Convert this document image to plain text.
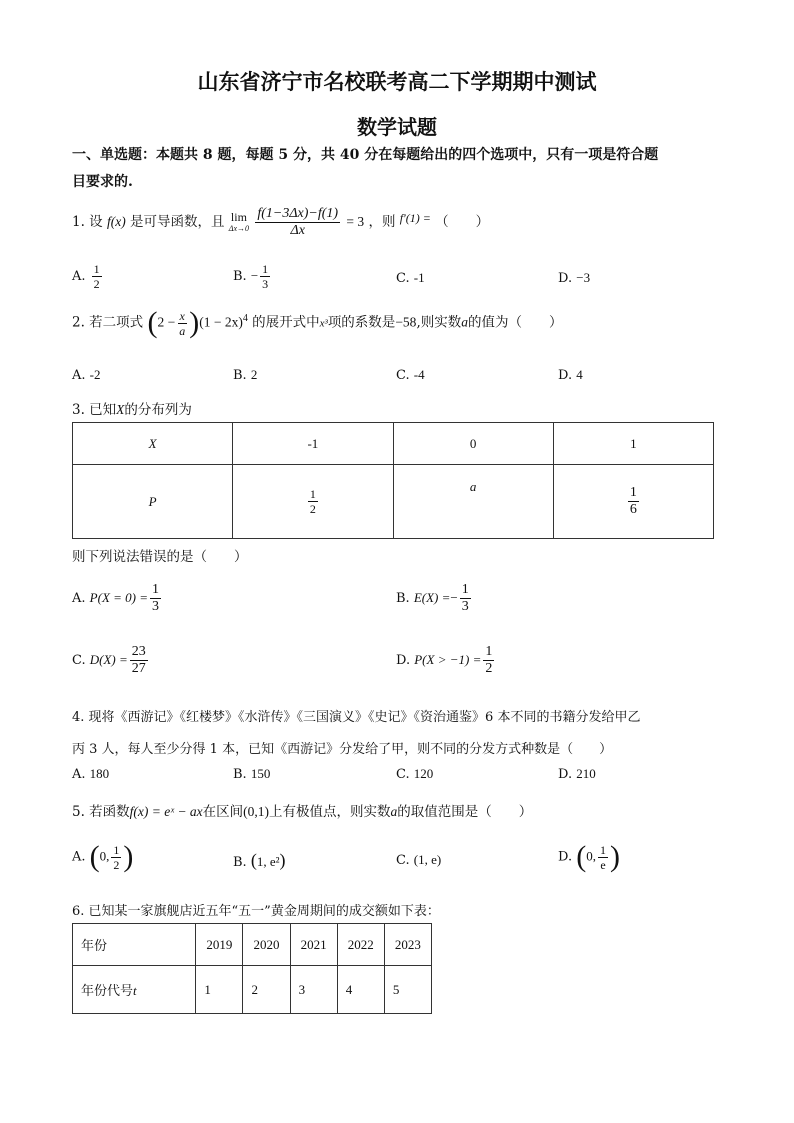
山东省济宁市名校联考高二下学期期中测试
数学试题
一、单选题：本题共 8 题，每题 5 分，共 40 分在每题给出的四个选项中，只有一项是符合题
目要求的.
1. 设 f(x) 是可导函数，且 lim
Δx→0
$\frac{f(1-3\Delta x)-f(1)}{\Delta x} = 3$ ，则 f′(1) = （　　）
A. $\frac{1}{2}$	B. − $\frac{1}{3}$	C. -1	D. −3
2. 若二项式 $(2 - \frac{x}{a} )(1 - 2x)^4$ 的展开式中x³项的系数是−58,则实数a的值为（　　）
A. -2	B. 2	C. -4	D. 4
3. 已知X的分布列为
X	-1	0	1
P	$\frac{1}{2}$	a	$\frac{1}{6}$
则下列说法错误的是（　　）
A. $P(X = 0) = \frac{1}{3}$	B. $E(X) =- \frac{1}{3}$
C. $D(X) = \frac{23}{27}$	D. $P(X > -1) = \frac{1}{2}$
4. 现将《西游记》《红楼梦》《水浒传》《三国演义》《史记》《资治通鉴》6 本不同的书籍分发给甲乙
丙 3 人，每人至少分得 1 本，已知《西游记》分发给了甲，则不同的分发方式种数是（　　）
A. 180	B. 150	C. 120	D. 210
5. 若函数f(x) = eˣ − ax在区间(0,1)上有极值点，则实数a的取值范围是（　　）
A. (0, $\frac{1}{2}$ )	B. (1, e²)	C. (1, e)	D. (0, $\frac{1}{e}$ )
6. 已知某一家旗舰店近五年“五一”黄金周期间的成交额如下表：
年份	2019	2020	2021	2022	2023
年份代号t	1	2	3	4	5
